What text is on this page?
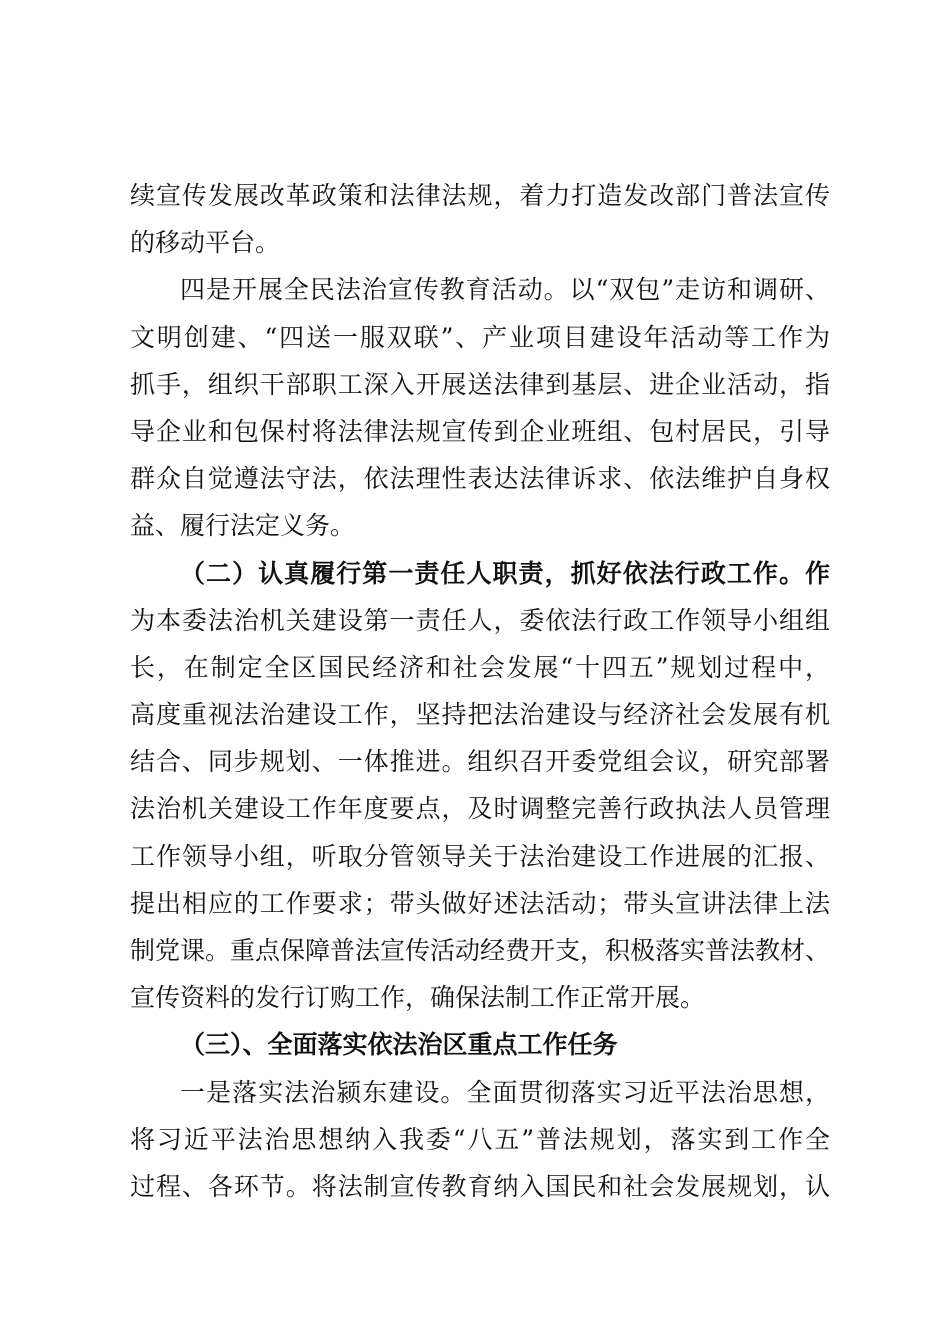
续宣传发展改革政策和法律法规，着力打造发改部门普法宣传
的移动平台。
四是开展全民法治宣传教育活动。以“双包”走访和调研、
文明创建、“四送一服双联”、产业项目建设年活动等工作为
抓手，组织干部职工深入开展送法律到基层、进企业活动，指
导企业和包保村将法律法规宣传到企业班组、包村居民，引导
群众自觉遵法守法，依法理性表达法律诉求、依法维护自身权
益、履行法定义务。
（二）认真履行第一责任人职责，抓好依法行政工作。作
为本委法治机关建设第一责任人，委依法行政工作领导小组组
长，在制定全区国民经济和社会发展“十四五”规划过程中，
高度重视法治建设工作，坚持把法治建设与经济社会发展有机
结合、同步规划、一体推进。组织召开委党组会议，研究部署
法治机关建设工作年度要点，及时调整完善行政执法人员管理
工作领导小组，听取分管领导关于法治建设工作进展的汇报、
提出相应的工作要求；带头做好述法活动；带头宣讲法律上法
制党课。重点保障普法宣传活动经费开支，积极落实普法教材、
宣传资料的发行订购工作，确保法制工作正常开展。
（三）、全面落实依法治区重点工作任务
一是落实法治颍东建设。全面贯彻落实习近平法治思想，
将习近平法治思想纳入我委“八五”普法规划，落实到工作全
过程、各环节。将法制宣传教育纳入国民和社会发展规划，认
